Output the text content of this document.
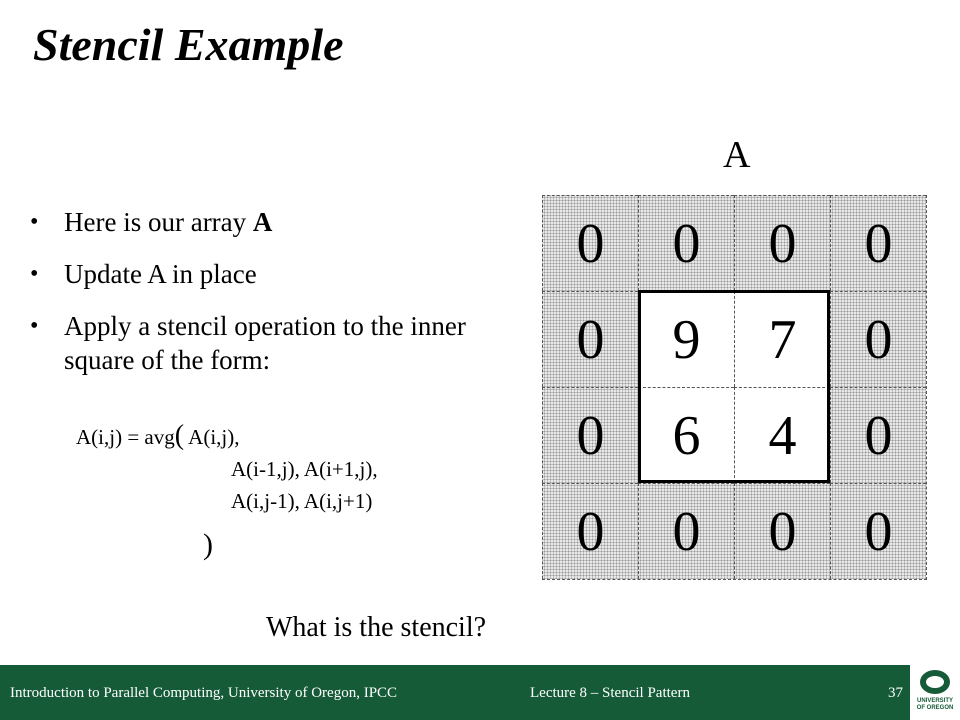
Stencil Example
• Here is our array A
• Update A in place
• Apply a stencil operation to the inner square of the form:
A(i,j) = avg( A(i,j),
A(i-1,j), A(i+1,j),
A(i,j-1), A(i,j+1)
)
A
0	0	0	0
0	9	7	0
0	6	4	0
0	0	0	0
What is the stencil?
Introduction to Parallel Computing, University of Oregon, IPCC	Lecture 8 – Stencil Pattern	37	UNIVERSITY OF OREGON
